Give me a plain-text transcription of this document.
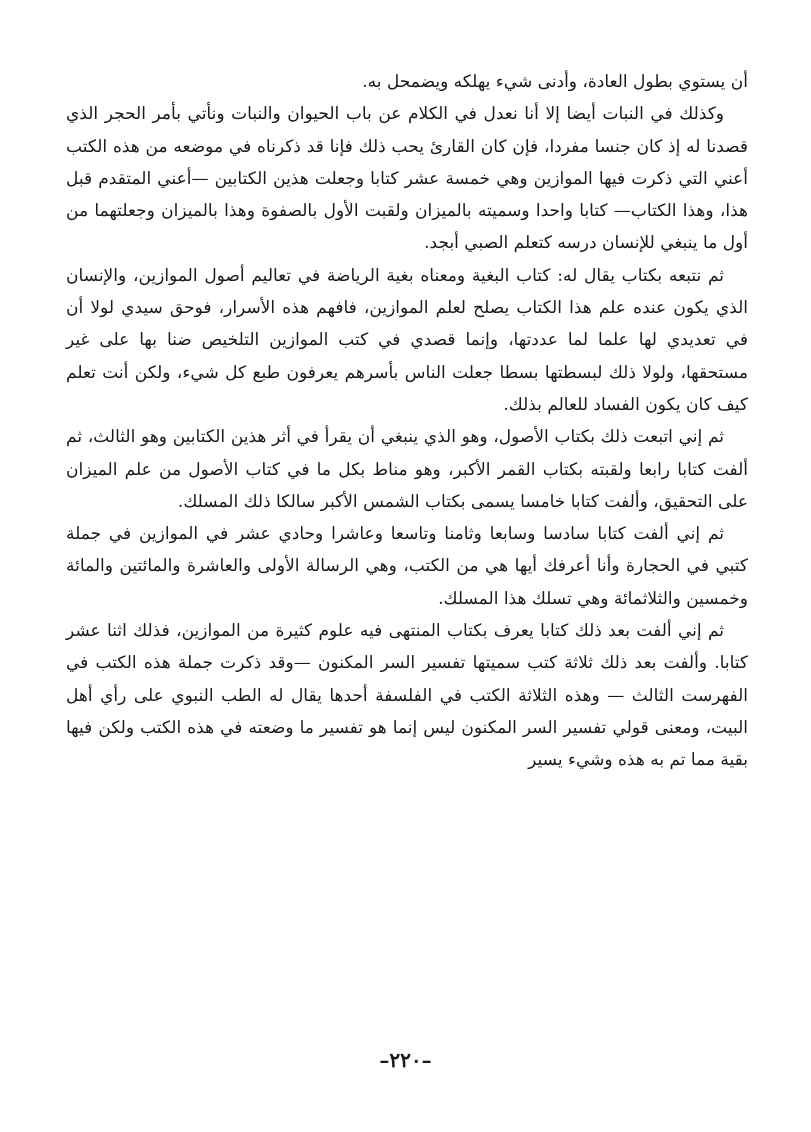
أن يستوي بطول العادة، وأدنى شيء يهلكه ويضمحل به.

وكذلك في النبات أيضا إلا أنا نعدل في الكلام عن باب الحيوان والنبات ونأتي بأمر الحجر الذي قصدنا له إذ كان جنسا مفردا، فإن كان القارئ يحب ذلك فإنا قد ذكرناه في موضعه من هذه الكتب أعني التي ذكرت فيها الموازين وهي خمسة عشر كتابا وجعلت هذين الكتابين —أعني المتقدم قبل هذا، وهذا الكتاب— كتابا واحدا وسميته بالميزان ولقبت الأول بالصفوة وهذا بالميزان وجعلتهما من أول ما ينبغي للإنسان درسه كتعلم الصبي أبجد.

ثم نتبعه بكتاب يقال له: كتاب البغية ومعناه بغية الرياضة في تعاليم أصول الموازين، والإنسان الذي يكون عنده علم هذا الكتاب يصلح لعلم الموازين، فافهم هذه الأسرار، فوحق سيدي لولا أن في تعديدي لها علما لما عددتها، وإنما قصدي في كتب الموازين التلخيص ضنا بها على غير مستحقها، ولولا ذلك لبسطتها بسطا جعلت الناس بأسرهم يعرفون طبع كل شيء، ولكن أنت تعلم كيف كان يكون الفساد للعالم بذلك.

ثم إني اتبعت ذلك بكتاب الأصول، وهو الذي ينبغي أن يقرأ في أثر هذين الكتابين وهو الثالث، ثم ألفت كتابا رابعا ولقبته بكتاب القمر الأكبر، وهو مناط بكل ما في كتاب الأصول من علم الميزان على التحقيق، وألفت كتابا خامسا يسمى بكتاب الشمس الأكبر سالكا ذلك المسلك.

ثم إني ألفت كتابا سادسا وسابعا وثامنا وتاسعا وعاشرا وحادي عشر في الموازين في جملة كتبي في الحجارة وأنا أعرفك أيها هي من الكتب، وهي الرسالة الأولى والعاشرة والمائتين والمائة وخمسين والثلاثمائة وهي تسلك هذا المسلك.

ثم إني ألفت بعد ذلك كتابا يعرف بكتاب المنتهى فيه علوم كثيرة من الموازين، فذلك اثنا عشر كتابا. وألفت بعد ذلك ثلاثة كتب سميتها تفسير السر المكنون —وقد ذكرت جملة هذه الكتب في الفهرست الثالث — وهذه الثلاثة الكتب في الفلسفة أحدها يقال له الطب النبوي على رأي أهل البيت، ومعنى قولي تفسير السر المكنون ليس إنما هو تفسير ما وضعته في هذه الكتب ولكن فيها بقية مما تم به هذه وشيء يسير

–٢٢٠–
